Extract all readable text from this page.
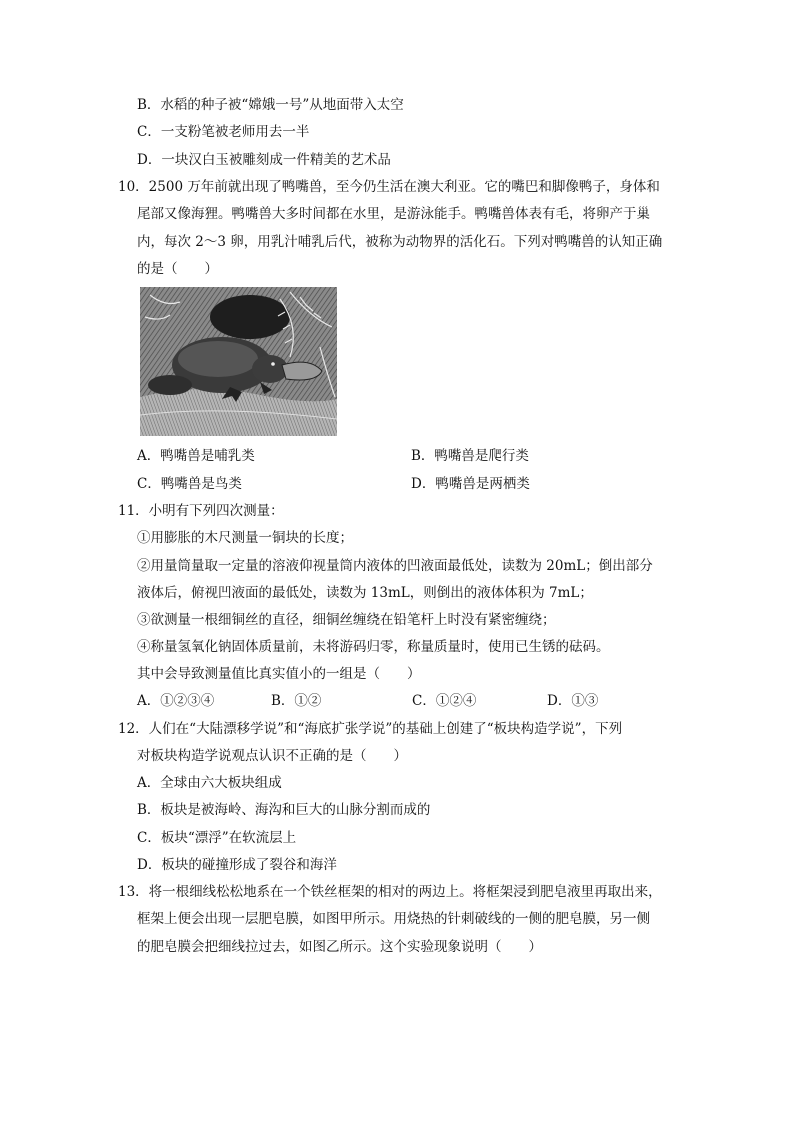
B．水稻的种子被“嫦娥一号”从地面带入太空
C．一支粉笔被老师用去一半
D．一块汉白玉被雕刻成一件精美的艺术品
10．2500 万年前就出现了鸭嘴兽，至今仍生活在澳大利亚。它的嘴巴和脚像鸭子，身体和
尾部又像海狸。鸭嘴兽大多时间都在水里，是游泳能手。鸭嘴兽体表有毛，将卵产于巢
内，每次 2～3 卵，用乳汁哺乳后代，被称为动物界的活化石。下列对鸭嘴兽的认知正确
的是（　　）
A．鸭嘴兽是哺乳类	B．鸭嘴兽是爬行类
C．鸭嘴兽是鸟类	D．鸭嘴兽是两栖类
11．小明有下列四次测量：
①用膨胀的木尺测量一铜块的长度；
②用量筒量取一定量的溶液仰视量筒内液体的凹液面最低处，读数为 20mL；倒出部分
液体后，俯视凹液面的最低处，读数为 13mL，则倒出的液体体积为 7mL；
③欲测量一根细铜丝的直径，细铜丝缠绕在铅笔杆上时没有紧密缠绕；
④称量氢氧化钠固体质量前，未将游码归零，称量质量时，使用已生锈的砝码。
其中会导致测量值比真实值小的一组是（　　）
A．①②③④	B．①②	C．①②④	D．①③
12．人们在“大陆漂移学说”和“海底扩张学说”的基础上创建了“板块构造学说”，下列
对板块构造学说观点认识不正确的是（　　）
A．全球由六大板块组成
B．板块是被海岭、海沟和巨大的山脉分割而成的
C．板块“漂浮”在软流层上
D．板块的碰撞形成了裂谷和海洋
13．将一根细线松松地系在一个铁丝框架的相对的两边上。将框架浸到肥皂液里再取出来，
框架上便会出现一层肥皂膜，如图甲所示。用烧热的针刺破线的一侧的肥皂膜，另一侧
的肥皂膜会把细线拉过去，如图乙所示。这个实验现象说明（　　）
